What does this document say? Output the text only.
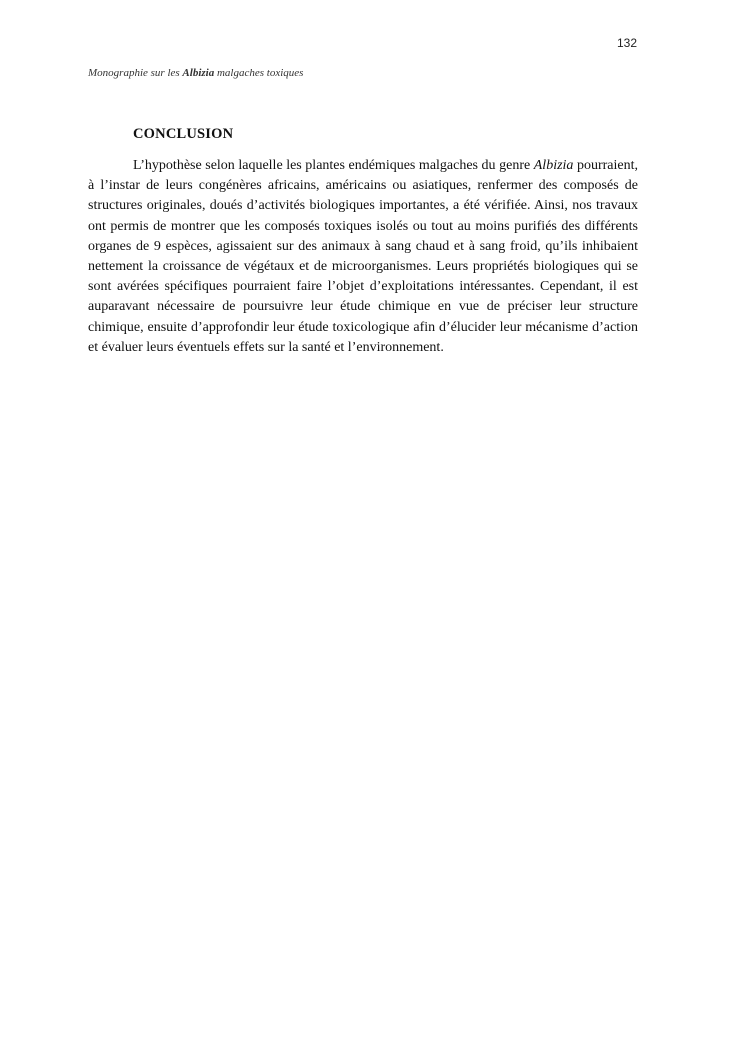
132
Monographie sur les Albizia malgaches toxiques
CONCLUSION

L’hypothèse selon laquelle les plantes endémiques malgaches du genre Albizia pourraient, à l’instar de leurs congénères africains, américains ou asiatiques, renfermer des composés de structures originales, doués d’activités biologiques importantes, a été vérifiée. Ainsi, nos travaux ont permis de montrer que les composés toxiques isolés ou tout au moins purifiés des différents organes de 9 espèces, agissaient sur des animaux à sang chaud et à sang froid, qu’ils inhibaient nettement la croissance de végétaux et de microorganismes. Leurs propriétés biologiques qui se sont avérées spécifiques pourraient faire l’objet d’exploitations intéressantes. Cependant, il est auparavant nécessaire de poursuivre leur étude chimique en vue de préciser leur structure chimique, ensuite d’approfondir leur étude toxicologique afin d’élucider leur mécanisme d’action et évaluer leurs éventuels effets sur la santé et l’environnement.
